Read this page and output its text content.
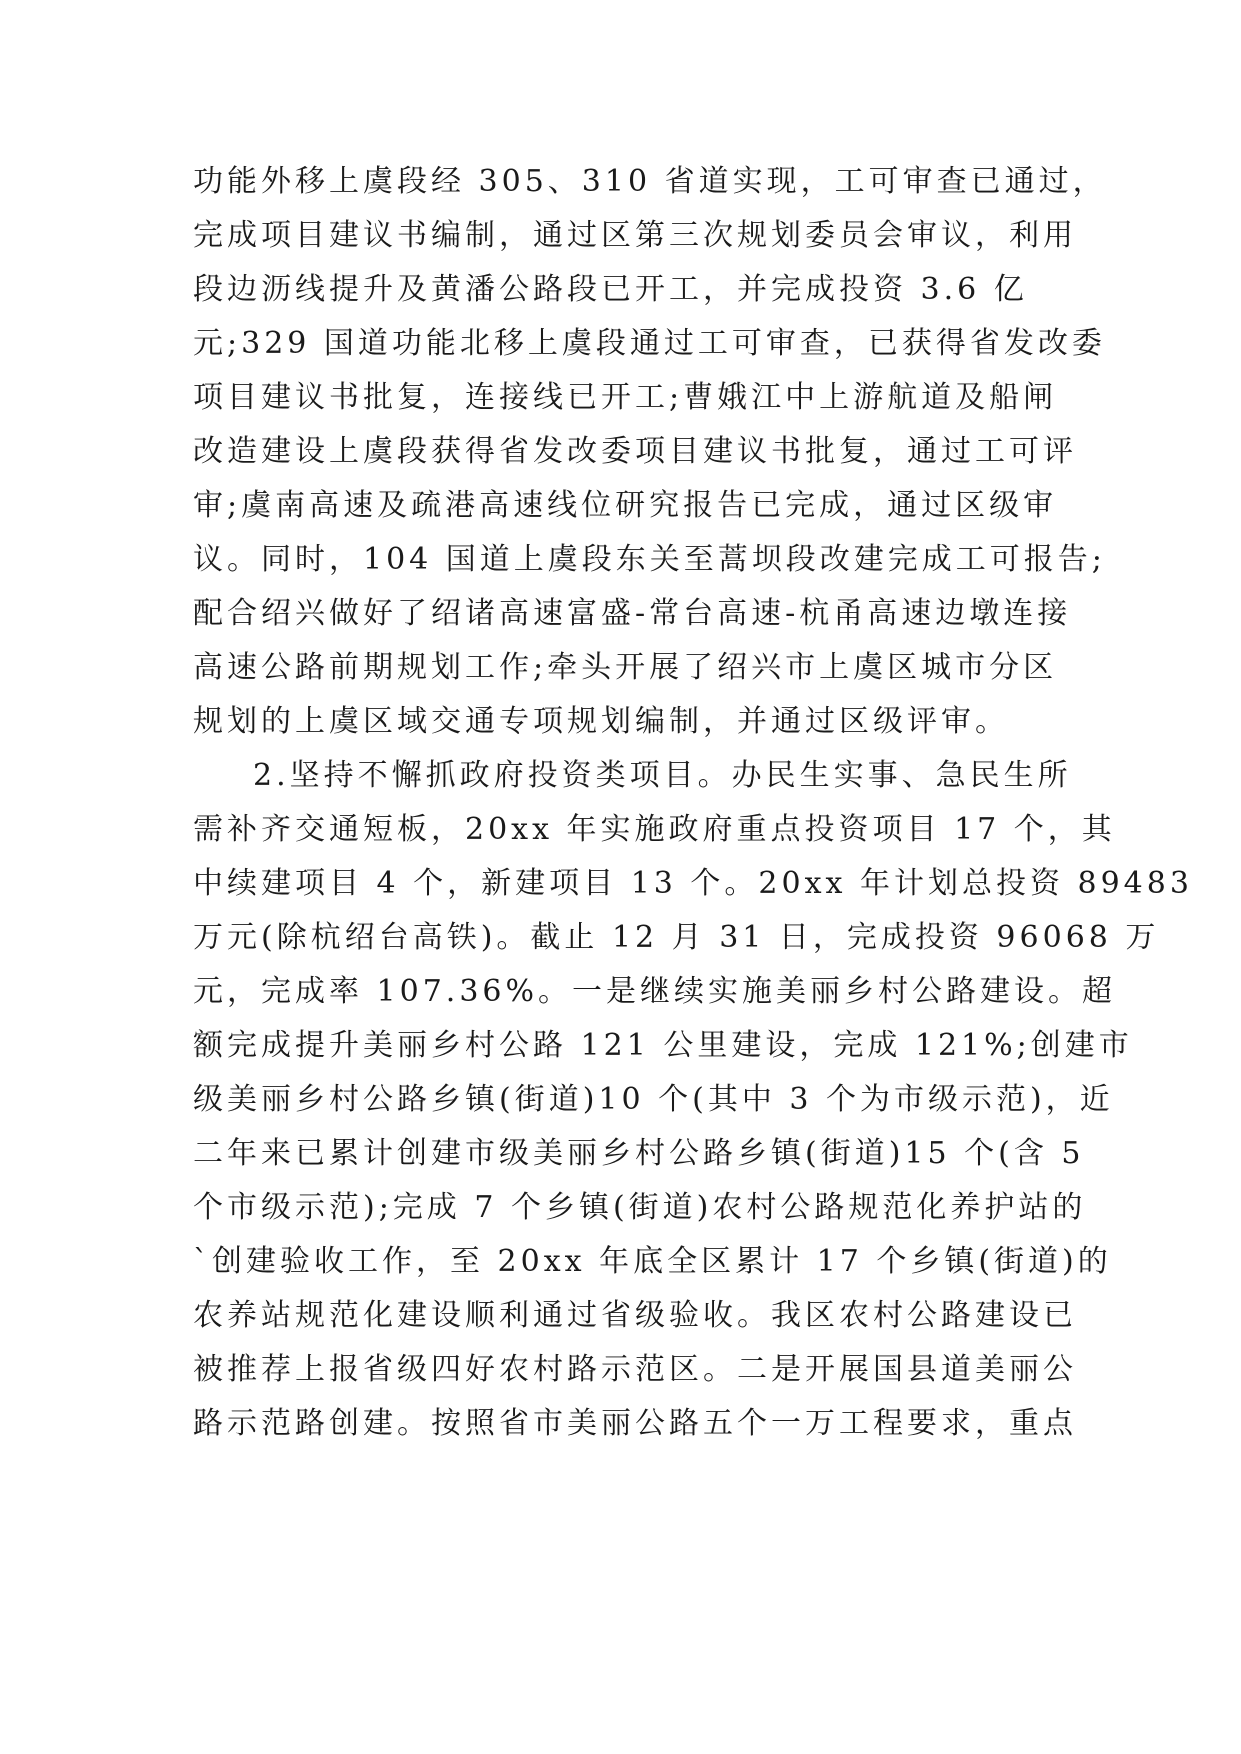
功能外移上虞段经 305、310 省道实现，工可审查已通过，
完成项目建议书编制，通过区第三次规划委员会审议，利用
段边沥线提升及黄潘公路段已开工，并完成投资 3.6 亿
元;329 国道功能北移上虞段通过工可审查，已获得省发改委
项目建议书批复，连接线已开工;曹娥江中上游航道及船闸
改造建设上虞段获得省发改委项目建议书批复，通过工可评
审;虞南高速及疏港高速线位研究报告已完成，通过区级审
议。同时，104 国道上虞段东关至蒿坝段改建完成工可报告;
配合绍兴做好了绍诸高速富盛-常台高速-杭甬高速边墩连接
高速公路前期规划工作;牵头开展了绍兴市上虞区城市分区
规划的上虞区域交通专项规划编制，并通过区级评审。
2.坚持不懈抓政府投资类项目。办民生实事、急民生所
需补齐交通短板，20xx 年实施政府重点投资项目 17 个，其
中续建项目 4 个，新建项目 13 个。20xx 年计划总投资 89483
万元(除杭绍台高铁)。截止 12 月 31 日，完成投资 96068 万
元，完成率 107.36%。一是继续实施美丽乡村公路建设。超
额完成提升美丽乡村公路 121 公里建设，完成 121%;创建市
级美丽乡村公路乡镇(街道)10 个(其中 3 个为市级示范)，近
二年来已累计创建市级美丽乡村公路乡镇(街道)15 个(含 5
个市级示范);完成 7 个乡镇(街道)农村公路规范化养护站的
`创建验收工作，至 20xx 年底全区累计 17 个乡镇(街道)的
农养站规范化建设顺利通过省级验收。我区农村公路建设已
被推荐上报省级四好农村路示范区。二是开展国县道美丽公
路示范路创建。按照省市美丽公路五个一万工程要求，重点
